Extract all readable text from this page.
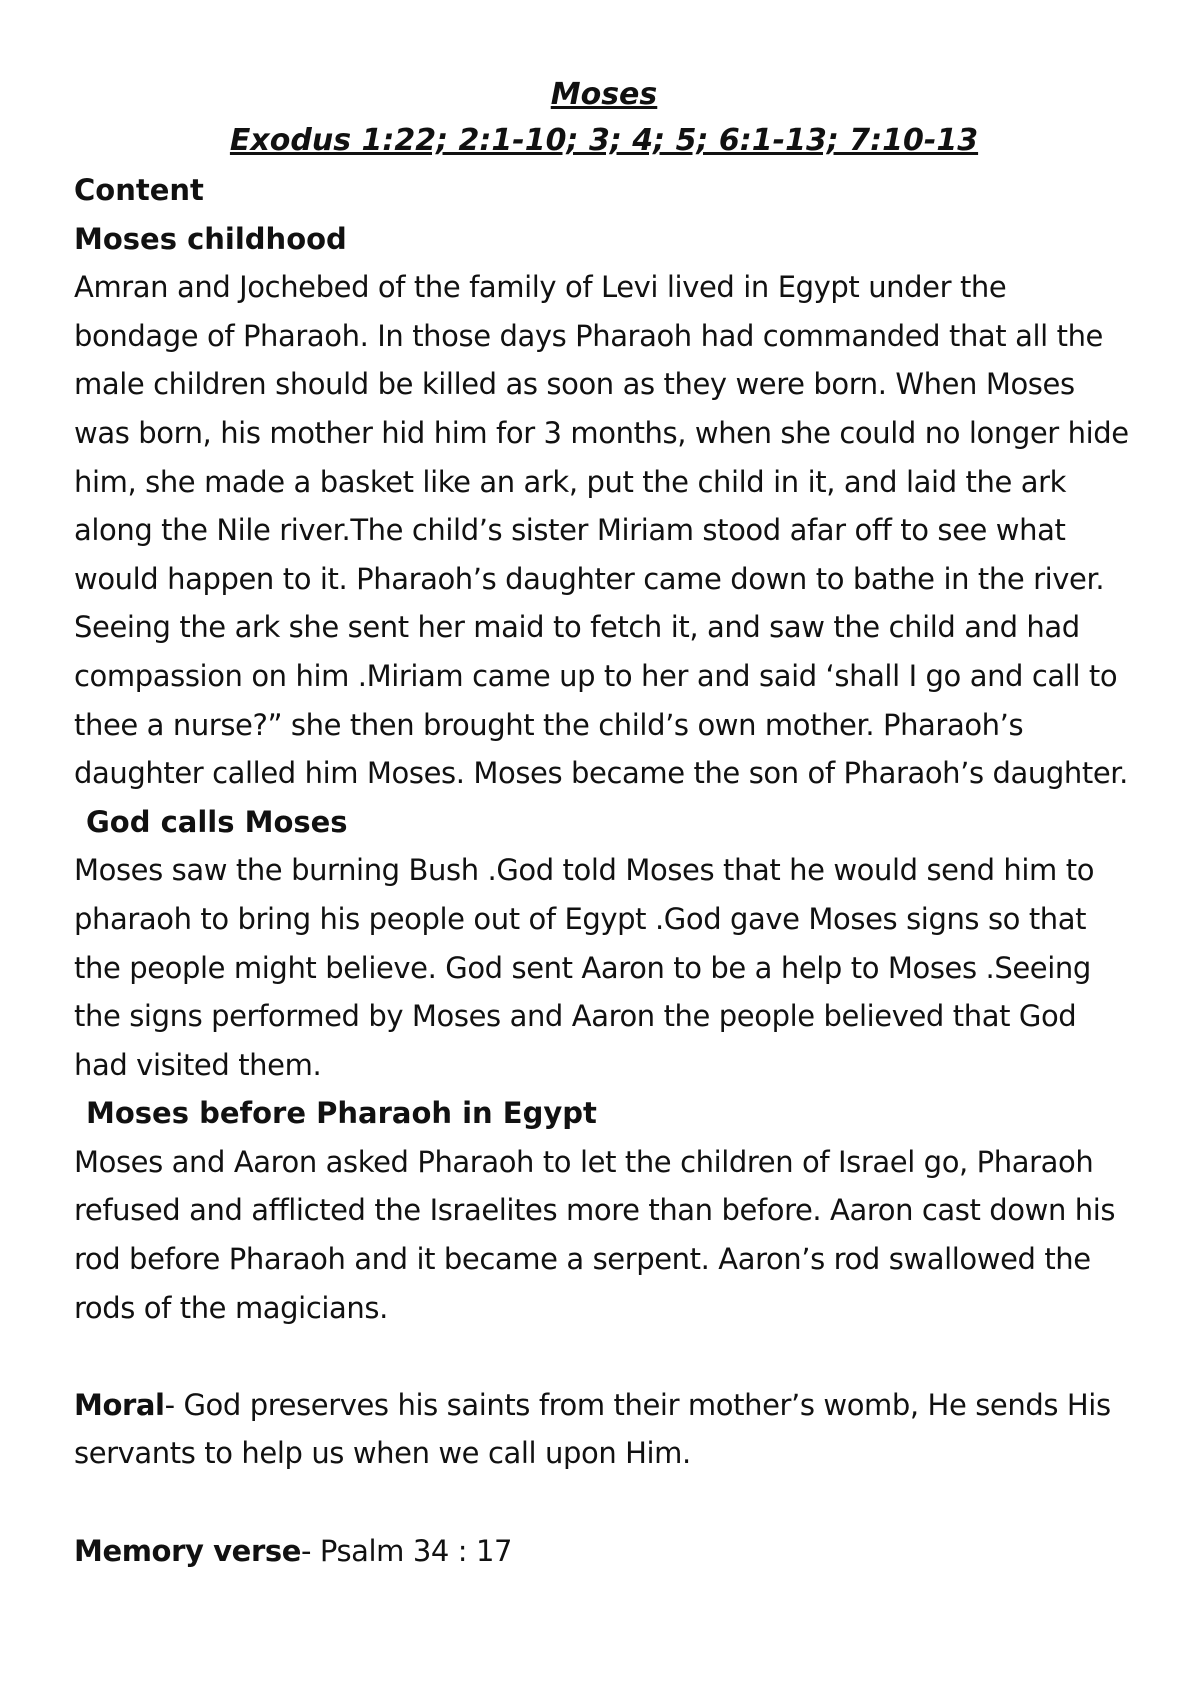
Moses

Exodus 1:22; 2:1-10; 3; 4; 5; 6:1-13; 7:10-13

Content

Moses childhood

Amran and Jochebed of the family of Levi lived in Egypt under the bondage of Pharaoh. In those days Pharaoh had commanded that all the male children should be killed as soon as they were born. When Moses was born, his mother hid him for 3 months, when she could no longer hide him, she made a basket like an ark, put the child in it, and laid the ark along the Nile river.The child’s sister Miriam stood afar off to see what would happen to it. Pharaoh’s daughter came down to bathe in the river. Seeing the ark she sent her maid to fetch it, and saw the child and had compassion on him .Miriam came up to her and said ‘shall I go and call to thee a nurse?” she then brought the child’s own mother. Pharaoh’s daughter called him Moses. Moses became the son of Pharaoh’s daughter.

God calls Moses

Moses saw the burning Bush .God told Moses that he would send him to pharaoh to bring his people out of Egypt .God gave Moses signs so that the people might believe. God sent Aaron to be a help to Moses .Seeing the signs performed by Moses and Aaron the people believed that God had visited them.

Moses before Pharaoh in Egypt

Moses and Aaron asked Pharaoh to let the children of Israel go, Pharaoh refused and afflicted the Israelites more than before. Aaron cast down his rod before Pharaoh and it became a serpent. Aaron’s rod swallowed the rods of the magicians.

Moral- God preserves his saints from their mother’s womb, He sends His servants to help us when we call upon Him.

Memory verse- Psalm 34 : 17
